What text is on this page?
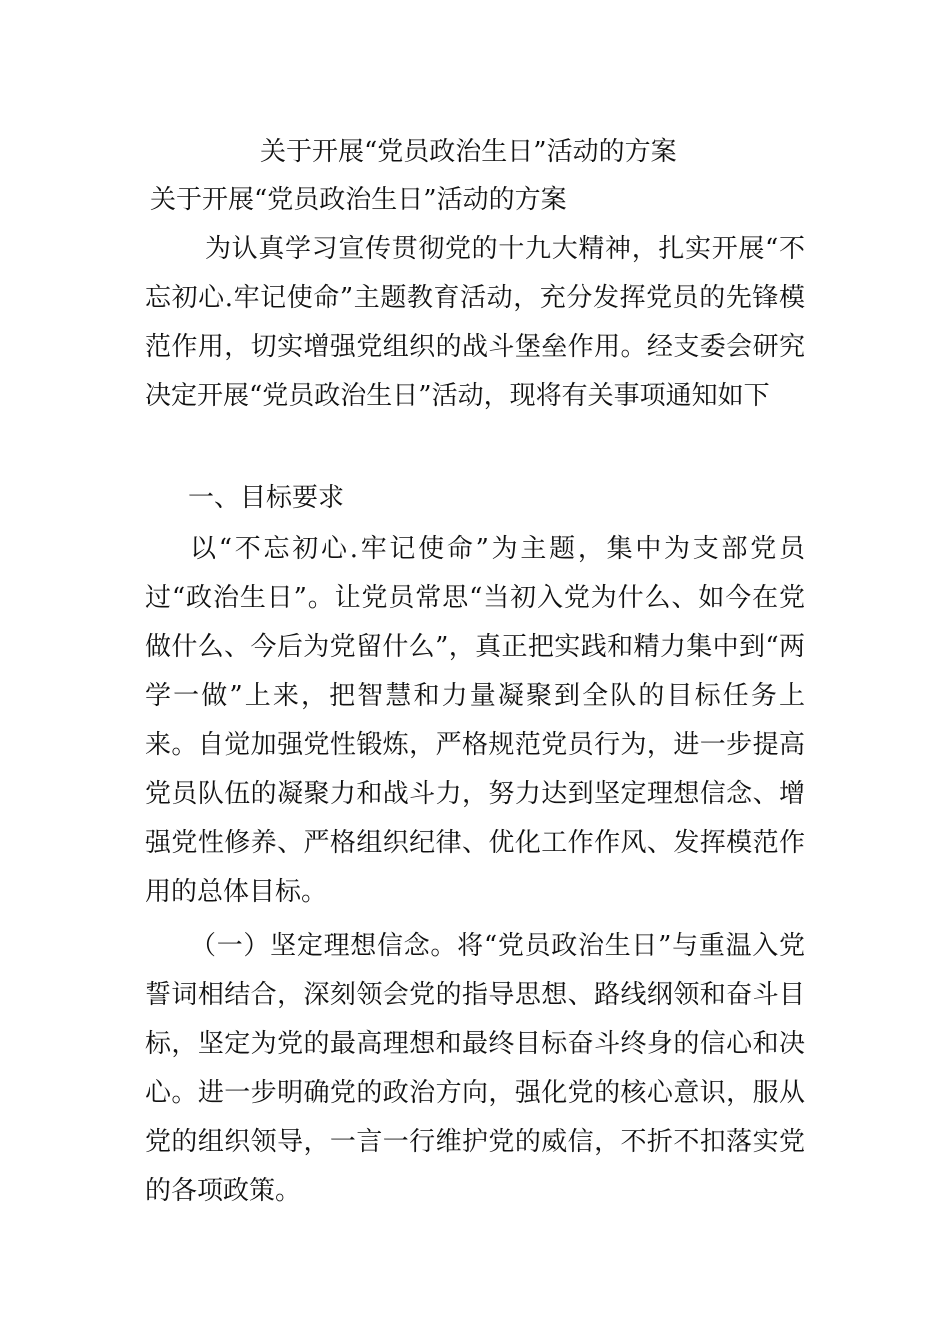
关于开展“党员政治生日”活动的方案
关于开展“党员政治生日”活动的方案

为认真学习宣传贯彻党的十九大精神，扎实开展“不忘初心.牢记使命”主题教育活动，充分发挥党员的先锋模范作用，切实增强党组织的战斗堡垒作用。经支委会研究决定开展“党员政治生日”活动，现将有关事项通知如下

一、目标要求

以“不忘初心.牢记使命”为主题，集中为支部党员过“政治生日”。让党员常思“当初入党为什么、如今在党做什么、今后为党留什么”，真正把实践和精力集中到“两学一做”上来，把智慧和力量凝聚到全队的目标任务上来。自觉加强党性锻炼，严格规范党员行为，进一步提高党员队伍的凝聚力和战斗力，努力达到坚定理想信念、增强党性修养、严格组织纪律、优化工作作风、发挥模范作用的总体目标。

（一）坚定理想信念。将“党员政治生日”与重温入党誓词相结合，深刻领会党的指导思想、路线纲领和奋斗目标，坚定为党的最高理想和最终目标奋斗终身的信心和决心。进一步明确党的政治方向，强化党的核心意识，服从党的组织领导，一言一行维护党的威信，不折不扣落实党的各项政策。
